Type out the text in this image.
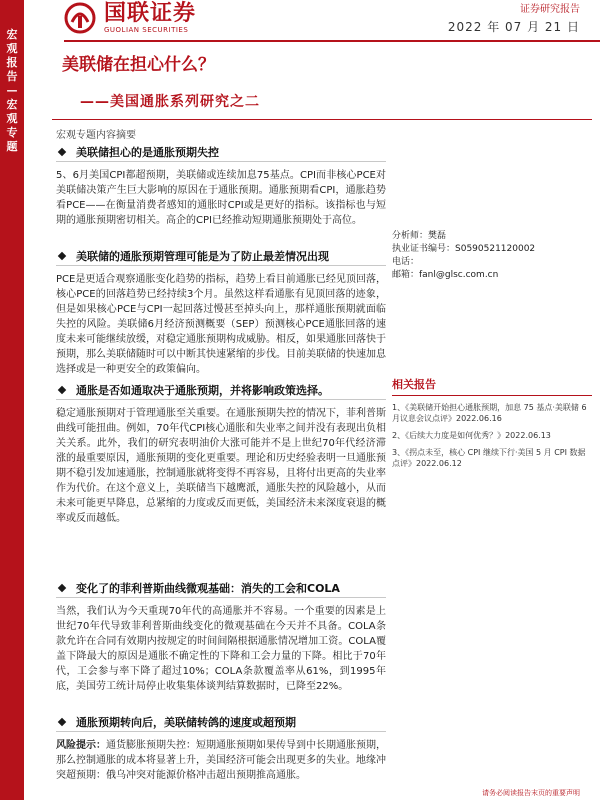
宏观报告—宏观专题
国联证券
GUOLIAN SECURITIES
证券研究报告
2022 年 07 月 21 日
美联储在担心什么？
——美国通胀系列研究之二
宏观专题内容摘要
美联储担心的是通胀预期失控

5、6月美国CPI都超预期，美联储或连续加息75基点。CPI而非核心PCE对美联储决策产生巨大影响的原因在于通胀预期。通胀预期看CPI，通胀趋势看PCE——在衡量消费者感知的通胀时CPI或是更好的指标。该指标也与短期的通胀预期密切相关。高企的CPI已经推动短期通胀预期处于高位。

美联储的通胀预期管理可能是为了防止最差情况出现

PCE是更适合观察通胀变化趋势的指标，趋势上看目前通胀已经见顶回落，核心PCE的回落趋势已经持续3个月。虽然这样看通胀有见顶回落的迹象，但是如果核心PCE与CPI一起回落过慢甚至掉头向上，那样通胀预期就面临失控的风险。美联储6月经济预测概要（SEP）预测核心PCE通胀回落的速度未来可能继续放缓，对稳定通胀预期构成威胁。相反，如果通胀回落快于预期，那么美联储随时可以中断其快速紧缩的步伐。目前美联储的快速加息选择或是一种更安全的政策偏向。

通胀是否如通取决于通胀预期，并将影响政策选择。

稳定通胀预期对于管理通胀至关重要。在通胀预期失控的情况下，菲利普斯曲线可能扭曲。例如，70年代CPI核心通胀和失业率之间并没有表现出负相关关系。此外，我们的研究表明油价大涨可能并不是上世纪70年代经济滞涨的最重要原因，通胀预期的变化更重要。理论和历史经验表明一旦通胀预期不稳引发加速通胀，控制通胀就将变得不再容易，且将付出更高的失业率作为代价。在这个意义上，美联储当下越鹰派，通胀失控的风险越小，从而未来可能更早降息，总紧缩的力度或反而更低，美国经济未来深度衰退的概率或反而越低。

变化了的菲利普斯曲线微观基础：消失的工会和COLA

当然，我们认为今天重现70年代的高通胀并不容易。一个重要的因素是上世纪70年代导致菲利普斯曲线变化的微观基础在今天并不具备。COLA条款允许在合同有效期内按规定的时间间隔根据通胀情况增加工资。COLA覆盖下降最大的原因是通胀不确定性的下降和工会力量的下降。相比于70年代，工会参与率下降了超过10%；COLA条款覆盖率从61%，到1995年底，美国劳工统计局停止收集集体谈判结算数据时，已降至22%。

通胀预期转向后，美联储转鸽的速度或超预期

风险提示：通货膨胀预期失控：短期通胀预期如果传导到中长期通胀预期，那么控制通胀的成本将显著上升，美国经济可能会出现更多的失业。地缘冲突超预期：俄乌冲突对能源价格冲击超出预期推高通胀。

分析师：樊磊
执业证书编号：S0590521120002
电话：
邮箱：fanl@glsc.com.cn
相关报告
1、《美联储开始担心通胀预期，加息 75 基点·美联储 6 月议息会议点评》2022.06.16
2、《后续大力度是如何优秀？》2022.06.13
3、《拐点未至，核心 CPI 继续下行·美国 5 月 CPI 数据点评》2022.06.12
请务必阅读报告末页的重要声明
